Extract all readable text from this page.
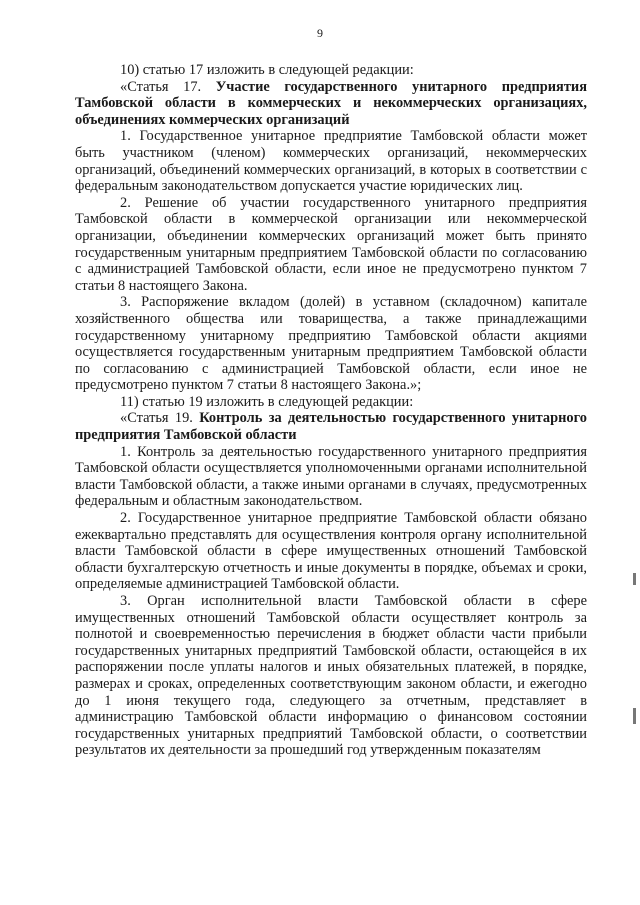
9

10) статью 17 изложить в следующей редакции:

«Статья 17. Участие государственного унитарного предприятия Тамбовской области в коммерческих и некоммерческих организациях, объединениях коммерческих организаций

1. Государственное унитарное предприятие Тамбовской области может быть участником (членом) коммерческих организаций, некоммерческих организаций, объединений коммерческих организаций, в которых в соответствии с федеральным законодательством допускается участие юридических лиц.

2. Решение об участии государственного унитарного предприятия Тамбовской области в коммерческой организации или некоммерческой организации, объединении коммерческих организаций может быть принято государственным унитарным предприятием Тамбовской области по согласованию с администрацией Тамбовской области, если иное не предусмотрено пунктом 7 статьи 8 настоящего Закона.

3. Распоряжение вкладом (долей) в уставном (складочном) капитале хозяйственного общества или товарищества, а также принадлежащими государственному унитарному предприятию Тамбовской области акциями осуществляется государственным унитарным предприятием Тамбовской области по согласованию с администрацией Тамбовской области, если иное не предусмотрено пунктом 7 статьи 8 настоящего Закона.»;

11) статью 19 изложить в следующей редакции:

«Статья 19. Контроль за деятельностью государственного унитарного предприятия Тамбовской области

1. Контроль за деятельностью государственного унитарного предприятия Тамбовской области осуществляется уполномоченными органами исполнительной власти Тамбовской области, а также иными органами в случаях, предусмотренных федеральным и областным законодательством.

2. Государственное унитарное предприятие Тамбовской области обязано ежеквартально представлять для осуществления контроля органу исполнительной власти Тамбовской области в сфере имущественных отношений Тамбовской области бухгалтерскую отчетность и иные документы в порядке, объемах и сроки, определяемые администрацией Тамбовской области.

3. Орган исполнительной власти Тамбовской области в сфере имущественных отношений Тамбовской области осуществляет контроль за полнотой и своевременностью перечисления в бюджет области части прибыли государственных унитарных предприятий Тамбовской области, остающейся в их распоряжении после уплаты налогов и иных обязательных платежей, в порядке, размерах и сроках, определенных соответствующим законом области, и ежегодно до 1 июня текущего года, следующего за отчетным, представляет в администрацию Тамбовской области информацию о финансовом состоянии государственных унитарных предприятий Тамбовской области, о соответствии результатов их деятельности за прошедший год утвержденным показателям
